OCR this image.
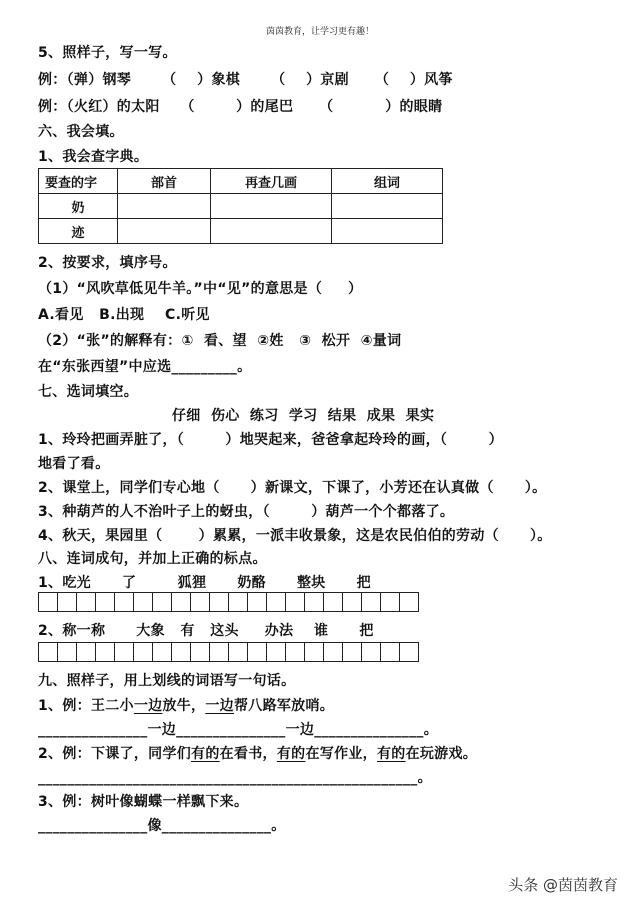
茵茵教育，让学习更有趣！
5、照样子，写一写。
例：（弹）钢琴      （    ）象棋      （    ）京剧     （    ）风筝
例：（火红）的太阳    （        ）的尾巴     （          ）的眼睛
六、我会填。
1、我会查字典。
要查的字	部首	再查几画	组词
奶			
迹			
2、按要求，填序号。
（1）“风吹草低见牛羊。”中“见”的意思是（     ）
A.看见   B.出现    C.听见
（2）“张”的解释有：①  看、望  ②姓   ③  松开  ④量词
在“东张西望”中应选_________。
七、选词填空。
仔细  伤心  练习  学习  结果  成果  果实
1、玲玲把画弄脏了，（        ）地哭起来，爸爸拿起玲玲的画，（        ）
地看了看。
2、课堂上，同学们专心地（      ）新课文，下课了，小芳还在认真做（      ）。
3、种葫芦的人不治叶子上的蚜虫，（        ）葫芦一个个都落了。
4、秋天，果园里（       ）累累，一派丰收景象，这是农民伯伯的劳动（      ）。
八、连词成句，并加上正确的标点。
1、吃光      了        狐狸      奶酪      整块      把
2、称一称      大象   有   这头     办法    谁      把
九、照样子，用上划线的词语写一句话。
1、例：王二小一边放牛，一边帮八路军放哨。
_______________一边_______________一边_______________。
2、例：下课了，同学们有的在看书，有的在写作业，有的在玩游戏。
____________________________________________________。
3、例：树叶像蝴蝶一样飘下来。
_______________像_______________。
头条 @茵茵教育
